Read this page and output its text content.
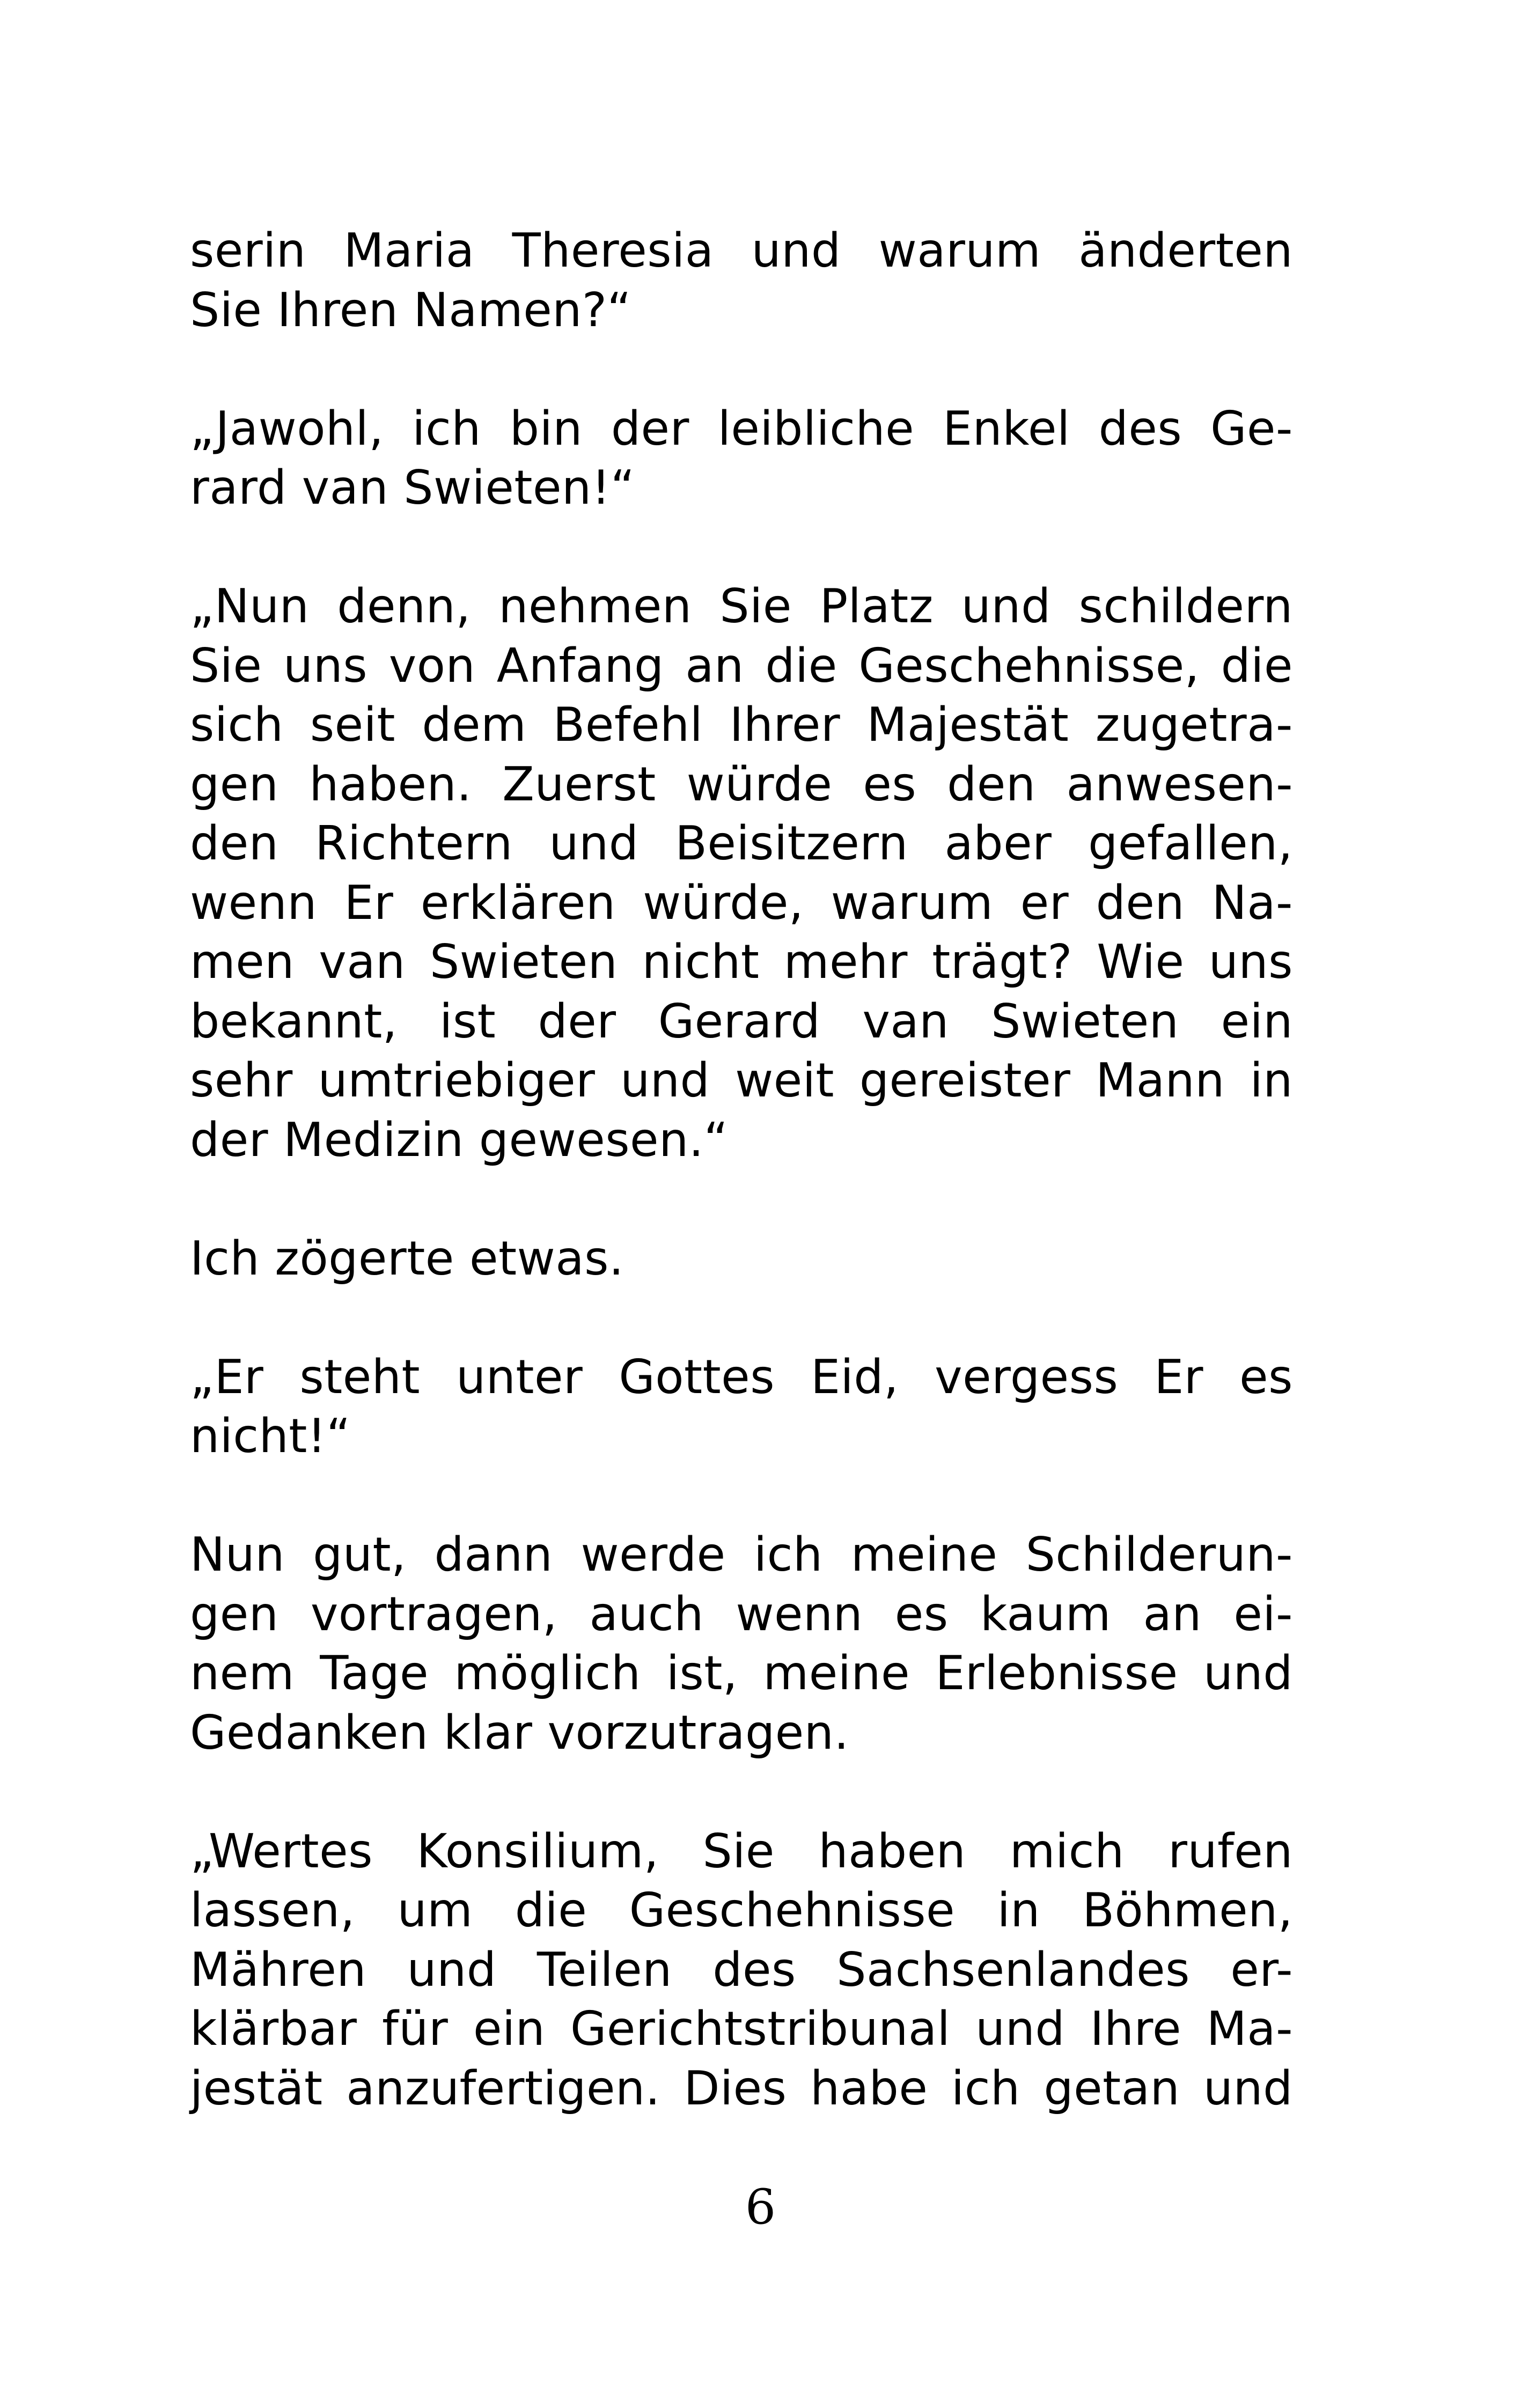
serin Maria Theresia und warum änderten
Sie Ihren Namen?“
„Jawohl, ich bin der leibliche Enkel des Ge-
rard van Swieten!“
„Nun denn, nehmen Sie Platz und schildern
Sie uns von Anfang an die Geschehnisse, die
sich seit dem Befehl Ihrer Majestät zugetra-
gen haben. Zuerst würde es den anwesen-
den Richtern und Beisitzern aber gefallen,
wenn Er erklären würde, warum er den Na-
men van Swieten nicht mehr trägt? Wie uns
bekannt, ist der Gerard van Swieten ein
sehr umtriebiger und weit gereister Mann in
der Medizin gewesen.“
Ich zögerte etwas.
„Er steht unter Gottes Eid, vergess Er es
nicht!“
Nun gut, dann werde ich meine Schilderun-
gen vortragen, auch wenn es kaum an ei-
nem Tage möglich ist, meine Erlebnisse und
Gedanken klar vorzutragen.
„Wertes Konsilium, Sie haben mich rufen
lassen, um die Geschehnisse in Böhmen,
Mähren und Teilen des Sachsenlandes er-
klärbar für ein Gerichtstribunal und Ihre Ma-
jestät anzufertigen. Dies habe ich getan und
6
